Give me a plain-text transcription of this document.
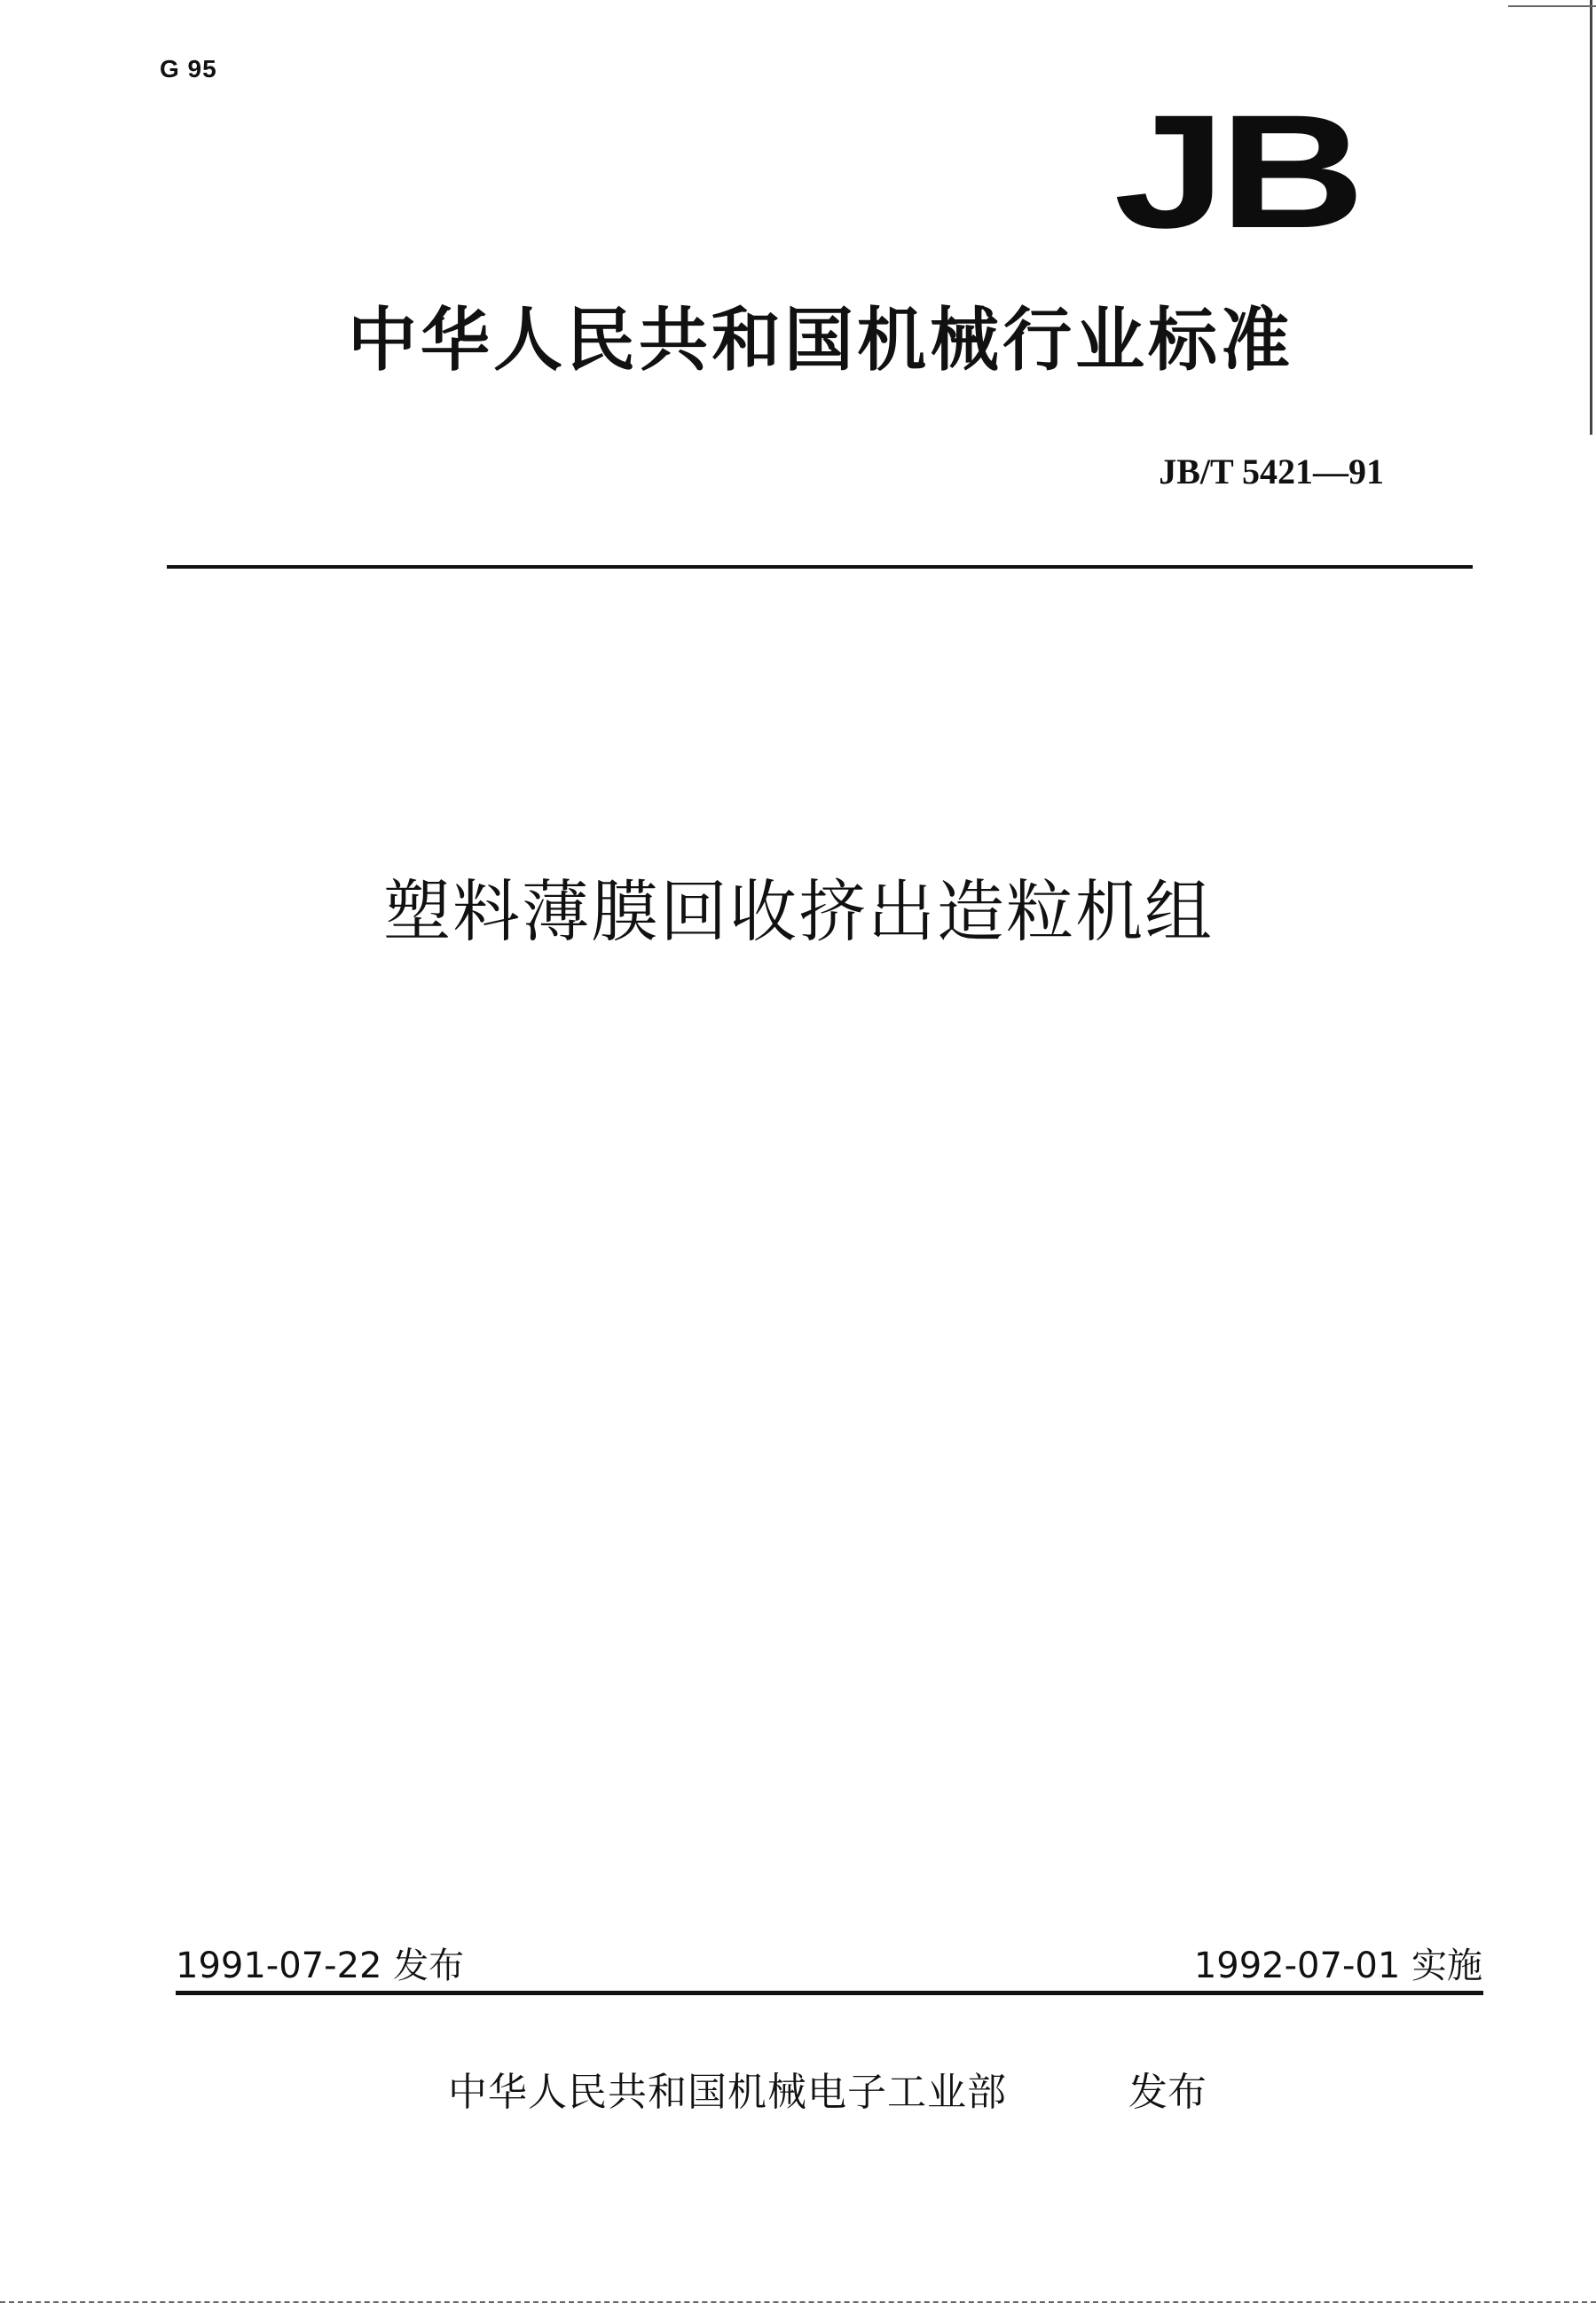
G 95
JB
中华人民共和国机械行业标准
JB/T 5421—91
塑料薄膜回收挤出造粒机组
1991-07-22 发布	1992-07-01 实施
中华人民共和国机械电子工业部	发布
